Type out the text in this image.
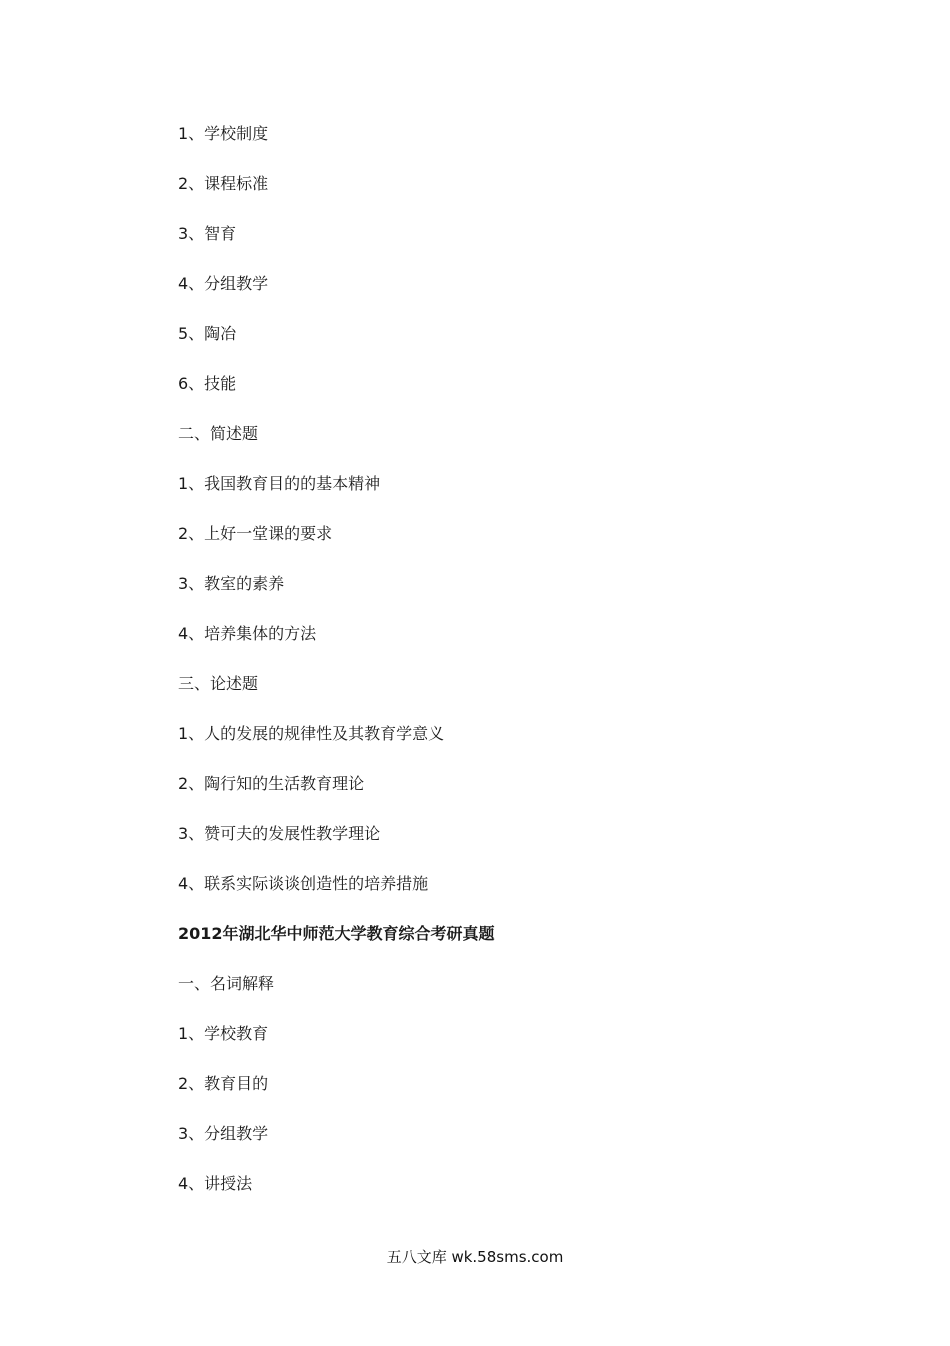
1、学校制度
2、课程标准
3、智育
4、分组教学
5、陶冶
6、技能
二、简述题
1、我国教育目的的基本精神
2、上好一堂课的要求
3、教室的素养
4、培养集体的方法
三、论述题
1、人的发展的规律性及其教育学意义
2、陶行知的生活教育理论
3、赞可夫的发展性教学理论
4、联系实际谈谈创造性的培养措施
2012年湖北华中师范大学教育综合考研真题
一、名词解释
1、学校教育
2、教育目的
3、分组教学
4、讲授法
五八文库 wk.58sms.com
